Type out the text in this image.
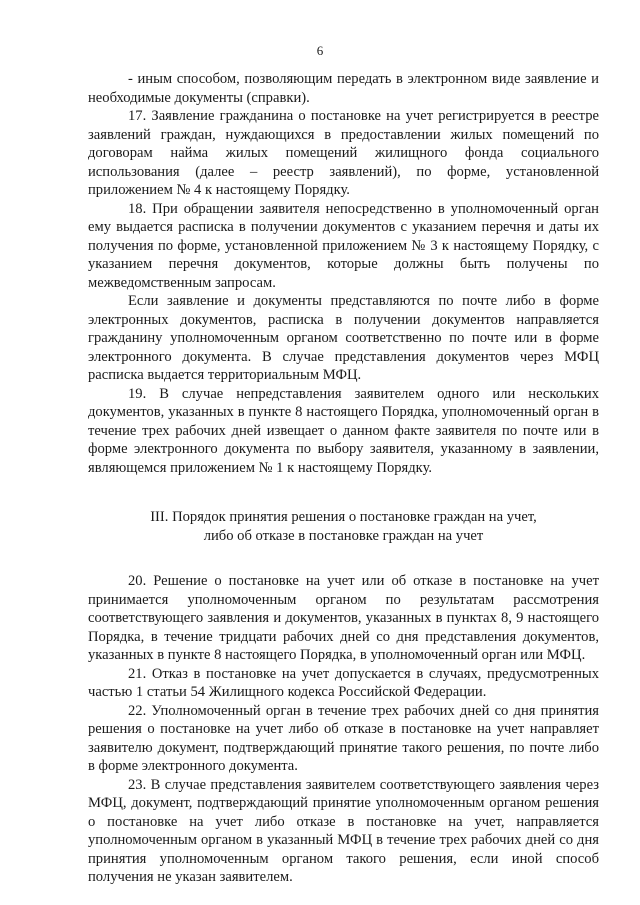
6

- иным способом, позволяющим передать в электронном виде заявление и необходимые документы (справки).

17. Заявление гражданина о постановке на учет регистрируется в реестре заявлений граждан, нуждающихся в предоставлении жилых помещений по договорам найма жилых помещений жилищного фонда социального использования (далее – реестр заявлений), по форме, установленной приложением № 4 к настоящему Порядку.

18. При обращении заявителя непосредственно в уполномоченный орган ему выдается расписка в получении документов с указанием перечня и даты их получения по форме, установленной приложением № 3 к настоящему Порядку, с указанием перечня документов, которые должны быть получены по межведомственным запросам.

Если заявление и документы представляются по почте либо в форме электронных документов, расписка в получении документов направляется гражданину уполномоченным органом соответственно по почте или в форме электронного документа. В случае представления документов через МФЦ расписка выдается территориальным МФЦ.

19. В случае непредставления заявителем одного или нескольких документов, указанных в пункте 8 настоящего Порядка, уполномоченный орган в течение трех рабочих дней извещает о данном факте заявителя по почте или в форме электронного документа по выбору заявителя, указанному в заявлении, являющемся приложением № 1 к настоящему Порядку.

III. Порядок принятия решения о постановке граждан на учет,
либо об отказе в постановке граждан на учет

20. Решение о постановке на учет или об отказе в постановке на учет принимается уполномоченным органом по результатам рассмотрения соответствующего заявления и документов, указанных в пунктах 8, 9 настоящего Порядка, в течение тридцати рабочих дней со дня представления документов, указанных в пункте 8 настоящего Порядка, в уполномоченный орган или МФЦ.

21. Отказ в постановке на учет допускается в случаях, предусмотренных частью 1 статьи 54 Жилищного кодекса Российской Федерации.

22. Уполномоченный орган в течение трех рабочих дней со дня принятия решения о постановке на учет либо об отказе в постановке на учет направляет заявителю документ, подтверждающий принятие такого решения, по почте либо в форме электронного документа.

23. В случае представления заявителем соответствующего заявления через МФЦ, документ, подтверждающий принятие уполномоченным органом решения о постановке на учет либо отказе в постановке на учет, направляется уполномоченным органом в указанный МФЦ в течение трех рабочих дней со дня принятия уполномоченным органом такого решения, если иной способ получения не указан заявителем.
